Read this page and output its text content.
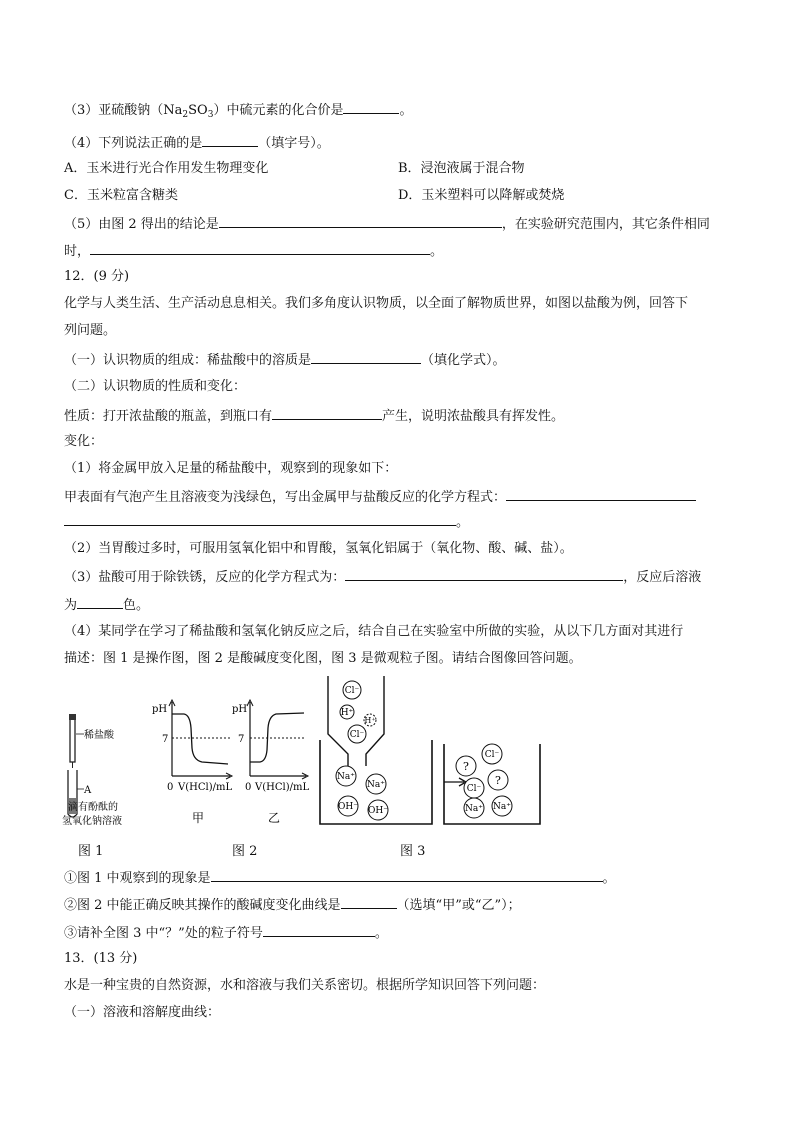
（3）亚硫酸钠$(Na_2SO_3)$中硫元素的化合价是	。
（4）下列说法正确的是	（填字号）。
A．玉米进行光合作用发生物理变化	B．浸泡液属于混合物
C．玉米粒富含糖类	D．玉米塑料可以降解或焚烧
（5）由图 2 得出的结论是	，在实验研究范围内，其它条件相同
时，	。
12．(9 分)
化学与人类生活、生产活动息息相关。我们多角度认识物质，以全面了解物质世界，如图以盐酸为例，回答下
列问题。
（一）认识物质的组成：稀盐酸中的溶质是	（填化学式）。
（二）认识物质的性质和变化：
性质：打开浓盐酸的瓶盖，到瓶口有	产生，说明浓盐酸具有挥发性。
变化：
（1）将金属甲放入足量的稀盐酸中，观察到的现象如下：
甲表面有气泡产生且溶液变为浅绿色，写出金属甲与盐酸反应的化学方程式：
。
（2）当胃酸过多时，可服用氢氧化铝中和胃酸，氢氧化铝属于（氧化物、酸、碱、盐）。
（3）盐酸可用于除铁锈，反应的化学方程式为：	，反应后溶液
为	色。
（4）某同学在学习了稀盐酸和氢氧化钠反应之后，结合自己在实验室中所做的实验，从以下几方面对其进行
描述：图 1 是操作图，图 2 是酸碱度变化图，图 3 是微观粒子图。请结合图像回答问题。
稀盐酸
A
滴有酚酞的
氢氧化钠溶液
pH
7
0 V(HCl)/mL
甲
pH
7
0 V(HCl)/mL
乙
Cl⁻
H⁺
H⁺
Cl⁻
Na⁺
Na⁺
OH⁻ OH⁻
Cl⁻
?
Cl⁻
?
Na⁺ Na⁺
图 1	图 2	图 3
①图 1 中观察到的现象是	。
②图 2 中能正确反映其操作的酸碱度变化曲线是	（选填“甲”或“乙”）；
③请补全图 3 中“？”处的粒子符号	。
13．(13 分)
水是一种宝贵的自然资源，水和溶液与我们关系密切。根据所学知识回答下列问题：
（一）溶液和溶解度曲线：
